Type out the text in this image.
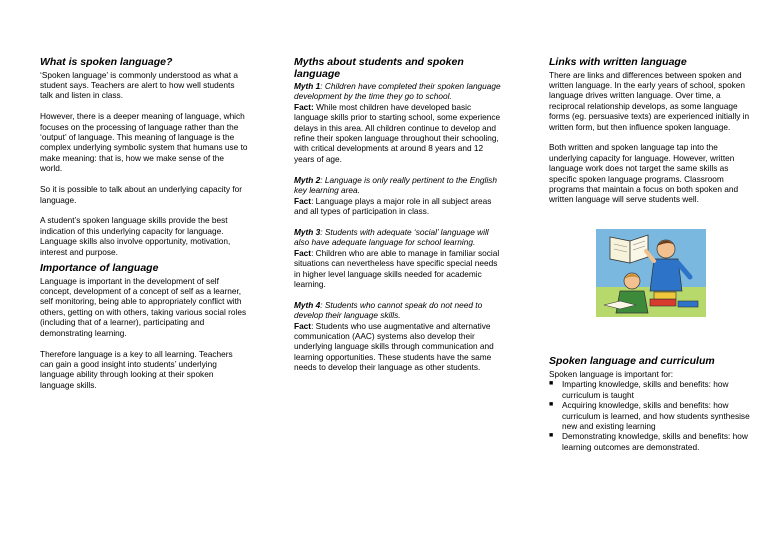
What is spoken language?

‘Spoken language’ is commonly understood as what a student says. Teachers are alert to how well students talk and listen in class.

However, there is a deeper meaning of language, which focuses on the processing of language rather than the ‘output’ of language. This meaning of language is the complex underlying symbolic system that humans use to make meaning: that is, how we make sense of the world.

So it is possible to talk about an underlying capacity for language.

A student’s spoken language skills provide the best indication of this underlying capacity for language. Language skills also involve opportunity, motivation, interest and purpose.

Importance of language

Language is important in the development of self concept, development of a concept of self as a learner, self monitoring, being able to appropriately conflict with others, getting on with others, taking various social roles (including that of a learner), participating and demonstrating learning.

Therefore language is a key to all learning. Teachers can gain a good insight into students’ underlying language ability through looking at their spoken language skills.

Myths about students and spoken language

Myth 1: Children have completed their spoken language development by the time they go to school.

Fact: While most children have developed basic language skills prior to starting school, some experience delays in this area. All children continue to develop and refine their spoken language throughout their schooling, with critical developments at around 8 years and 12 years of age.

Myth 2: Language is only really pertinent to the English key learning area.

Fact: Language plays a major role in all subject areas and all types of participation in class.

Myth 3: Students with adequate ‘social’ language will also have adequate language for school learning.

Fact: Children who are able to manage in familiar social situations can nevertheless have specific special needs in higher level language skills needed for academic learning.

Myth 4: Students who cannot speak do not need to develop their language skills.

Fact: Students who use augmentative and alternative communication (AAC) systems also develop their underlying language skills through communication and learning opportunities. These students have the same needs to develop their language as other students.

Links with written language

There are links and differences between spoken and written language. In the early years of school, spoken language drives written language. Over time, a reciprocal relationship develops, as some language forms (eg. persuasive texts) are experienced initially in written form, but then influence spoken language.

Both written and spoken language tap into the underlying capacity for language. However, written language work does not target the same skills as specific spoken language programs. Classroom programs that maintain a focus on both spoken and written language will serve students well.

Spoken language and curriculum

Spoken language is important for:

■ Imparting knowledge, skills and benefits: how curriculum is taught
■ Acquiring knowledge, skills and benefits: how curriculum is learned, and how students synthesise new and existing learning
■ Demonstrating knowledge, skills and benefits: how learning outcomes are demonstrated.
